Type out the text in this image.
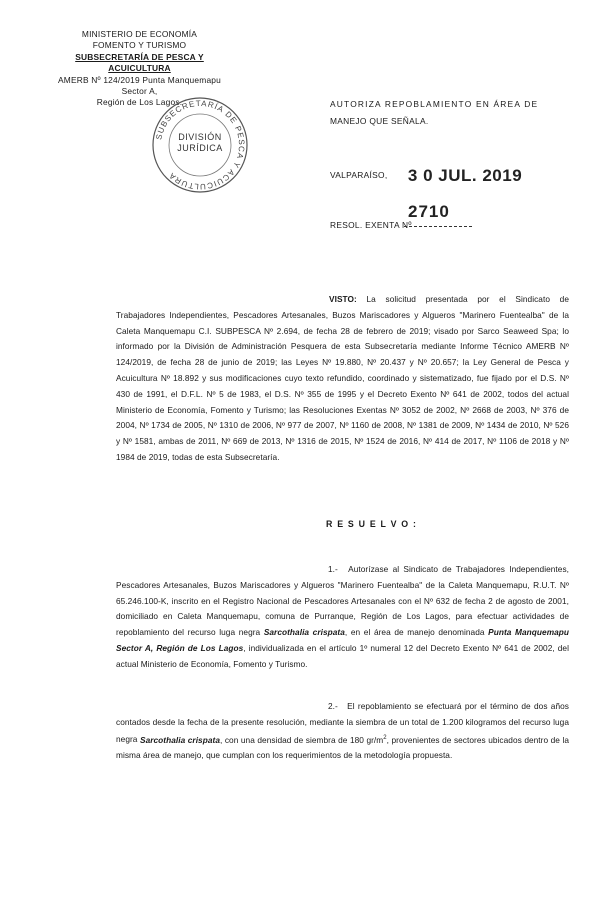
MINISTERIO DE ECONOMÍA
FOMENTO Y TURISMO
SUBSECRETARÍA DE PESCA Y ACUICULTURA
AMERB Nº 124/2019 Punta Manquemapu Sector A,
Región de Los Lagos.
SUBSECRETARÍA DE PESCA Y ACUICULTURA
DIVISIÓN
JURÍDICA
AUTORIZA REPOBLAMIENTO EN ÁREA DE
MANEJO QUE SEÑALA.
VALPARAÍSO, 3 0 JUL. 2019
RESOL. EXENTA Nº
2710
VISTO: La solicitud presentada por el Sindicato de Trabajadores Independientes, Pescadores Artesanales, Buzos Mariscadores y Algueros "Marinero Fuentealba" de la Caleta Manquemapu C.I. SUBPESCA Nº 2.694, de fecha 28 de febrero de 2019; visado por Sarco Seaweed Spa; lo informado por la División de Administración Pesquera de esta Subsecretaría mediante Informe Técnico AMERB Nº 124/2019, de fecha 28 de junio de 2019; las Leyes Nº 19.880, Nº 20.437 y Nº 20.657; la Ley General de Pesca y Acuicultura Nº 18.892 y sus modificaciones cuyo texto refundido, coordinado y sistematizado, fue fijado por el D.S. Nº 430 de 1991, el D.F.L. Nº 5 de 1983, el D.S. Nº 355 de 1995 y el Decreto Exento Nº 641 de 2002, todos del actual Ministerio de Economía, Fomento y Turismo; las Resoluciones Exentas Nº 3052 de 2002, Nº 2668 de 2003, Nº 376 de 2004, Nº 1734 de 2005, Nº 1310 de 2006, Nº 977 de 2007, Nº 1160 de 2008, Nº 1381 de 2009, Nº 1434 de 2010, Nº 526 y Nº 1581, ambas de 2011, Nº 669 de 2013, Nº 1316 de 2015, Nº 1524 de 2016, Nº 414 de 2017, Nº 1106 de 2018 y Nº 1984 de 2019, todas de esta Subsecretaría.
R E S U E L V O :
1.- Autorízase al Sindicato de Trabajadores Independientes, Pescadores Artesanales, Buzos Mariscadores y Algueros "Marinero Fuentealba" de la Caleta Manquemapu, R.U.T. Nº 65.246.100-K, inscrito en el Registro Nacional de Pescadores Artesanales con el Nº 632 de fecha 2 de agosto de 2001, domiciliado en Caleta Manquemapu, comuna de Purranque, Región de Los Lagos, para efectuar actividades de repoblamiento del recurso luga negra Sarcothalia crispata, en el área de manejo denominada Punta Manquemapu Sector A, Región de Los Lagos, individualizada en el artículo 1º numeral 12 del Decreto Exento Nº 641 de 2002, del actual Ministerio de Economía, Fomento y Turismo.
2.- El repoblamiento se efectuará por el término de dos años contados desde la fecha de la presente resolución, mediante la siembra de un total de 1.200 kilogramos del recurso luga negra Sarcothalia crispata, con una densidad de siembra de 180 $gr/m^2$, provenientes de sectores ubicados dentro de la misma área de manejo, que cumplan con los requerimientos de la metodología propuesta.
